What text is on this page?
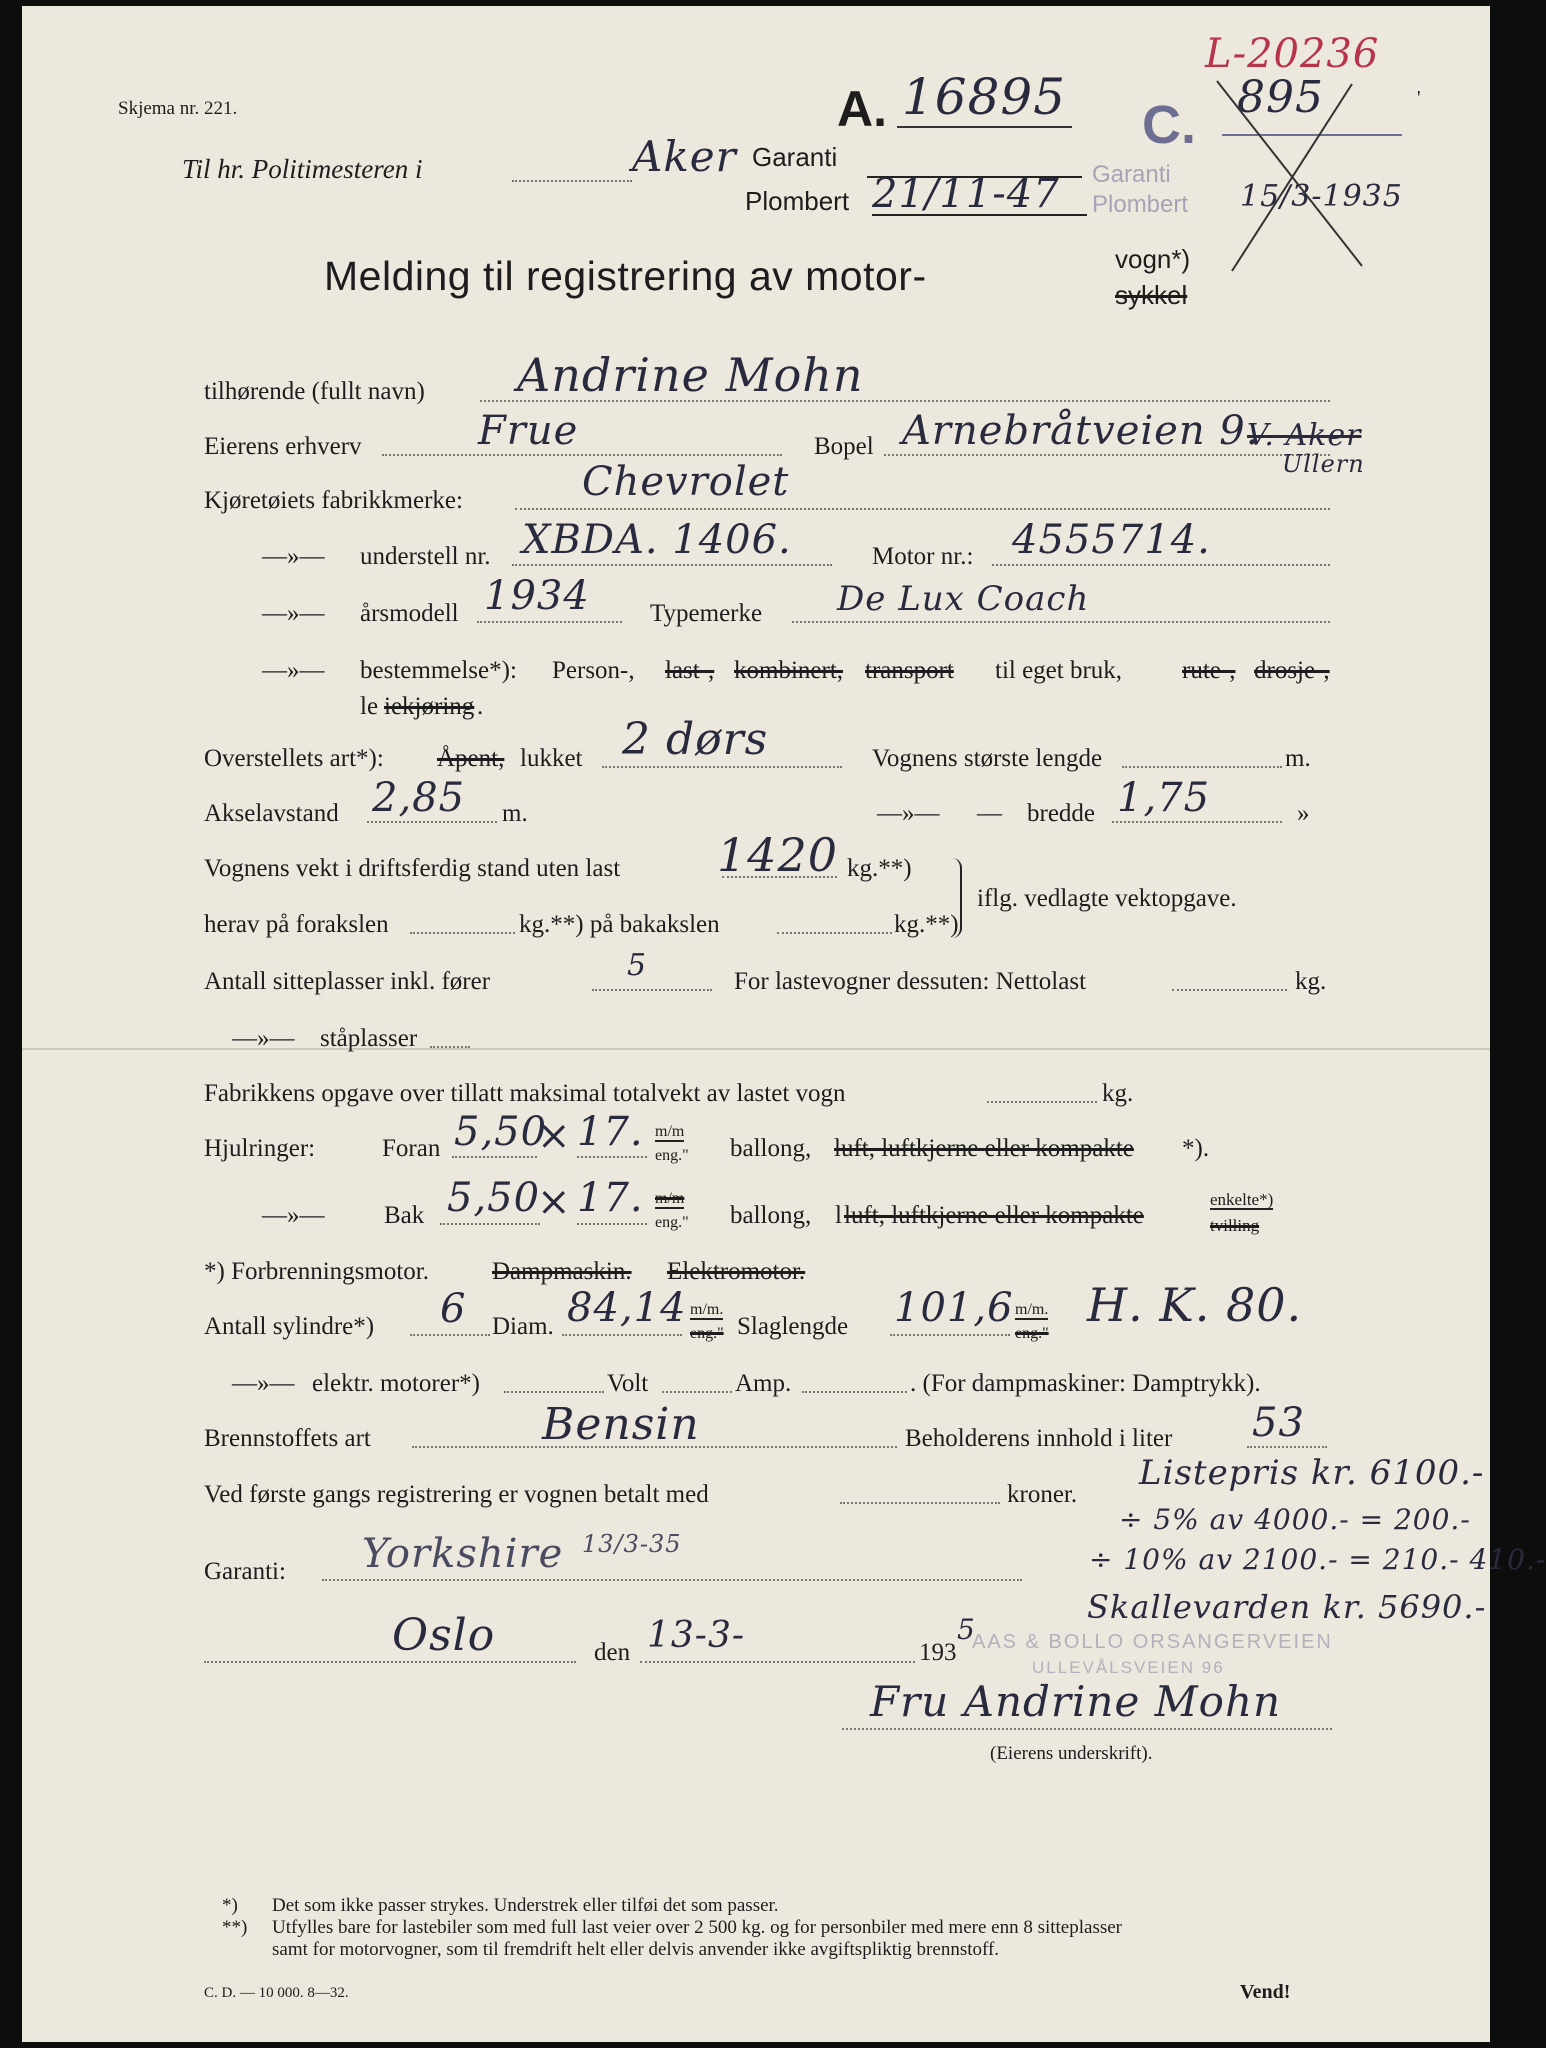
L-20236
Skjema nr. 221.	A. 16895 C. 895
15/3-1935
'
Garanti
Plombert
Til hr. Politimesteren i	Aker Garanti
Plombert 21/11-47
Melding til registrering av motor-	vogn*)
sykkel
tilhørende (fullt navn) Andrine Mohn
Eierens erhverv	Frue	Bopel Arnebråtveien 9.
V. Aker
Ullern
Kjøretøiets fabrikkmerke:	Chevrolet
—»— understell nr. XBDA. 1406.	Motor nr.: 4555714.
—»— årsmodell 1934 Typemerke De Lux Coach
—»— bestemmelse*): Person-, last-, kombinert, transport til eget bruk, rute-, drosje-,
le iekjøring .
Overstellets art*): Åpent, lukket 2 dørs	Vognens største lengde	m.
Akselavstand 2,85 m.	—»— — bredde 1,75	»
Vognens vekt i driftsferdig stand uten last 1420 kg.**)
iflg. vedlagte vektopgave.
herav på forakslen	kg.**) på bakakslen	kg.**)
Antall sitteplasser inkl. fører	5	For lastevogner dessuten: Nettolast	kg.
—»— ståplasser
Fabrikkens opgave over tillatt maksimal totalvekt av lastet vogn	kg.
Hjulringer:	Foran 5,50
× 17. m/m
eng." ballong, luft, luftkjerne eller kompakte *).
—»— Bak 5,50
× 17. m/m
eng." ballong, l luft, luftkjerne eller kompakte
enkelte*)
tvilling
*) Forbrenningsmotor.	Dampmaskin. Elektromotor.
Antall sylindre*) 6 Diam. 84,14 m/m.
eng." Slaglengde 101,6 m/m.
eng."
H. K. 80.
—»— elektr. motorer*)	Volt	Amp.	. (For dampmaskiner: Damptrykk).
Brennstoffets art	Bensin	Beholderens innhold i liter 53
Ved første gangs registrering er vognen betalt med	kroner.
Listepris kr. 6100.-
÷ 5% av 4000.- = 200.-
÷ 10% av 2100.- = 210.- 410.-
Skallevarden kr. 5690.-
Garanti: Yorkshire 13/3-35
AAS & BOLLO ORSANGERVEIEN
ULLEVÅLSVEIEN 96
Oslo	den 13-3-	193
5
Fru Andrine Mohn
(Eierens underskrift).
*) Det som ikke passer strykes. Understrek eller tilføi det som passer.
**) Utfylles bare for lastebiler som med full last veier over 2 500 kg. og for personbiler med mere enn 8 sitteplasser
samt for motorvogner, som til fremdrift helt eller delvis anvender ikke avgiftspliktig brennstoff.
C. D. — 10 000. 8—32.	Vend!
